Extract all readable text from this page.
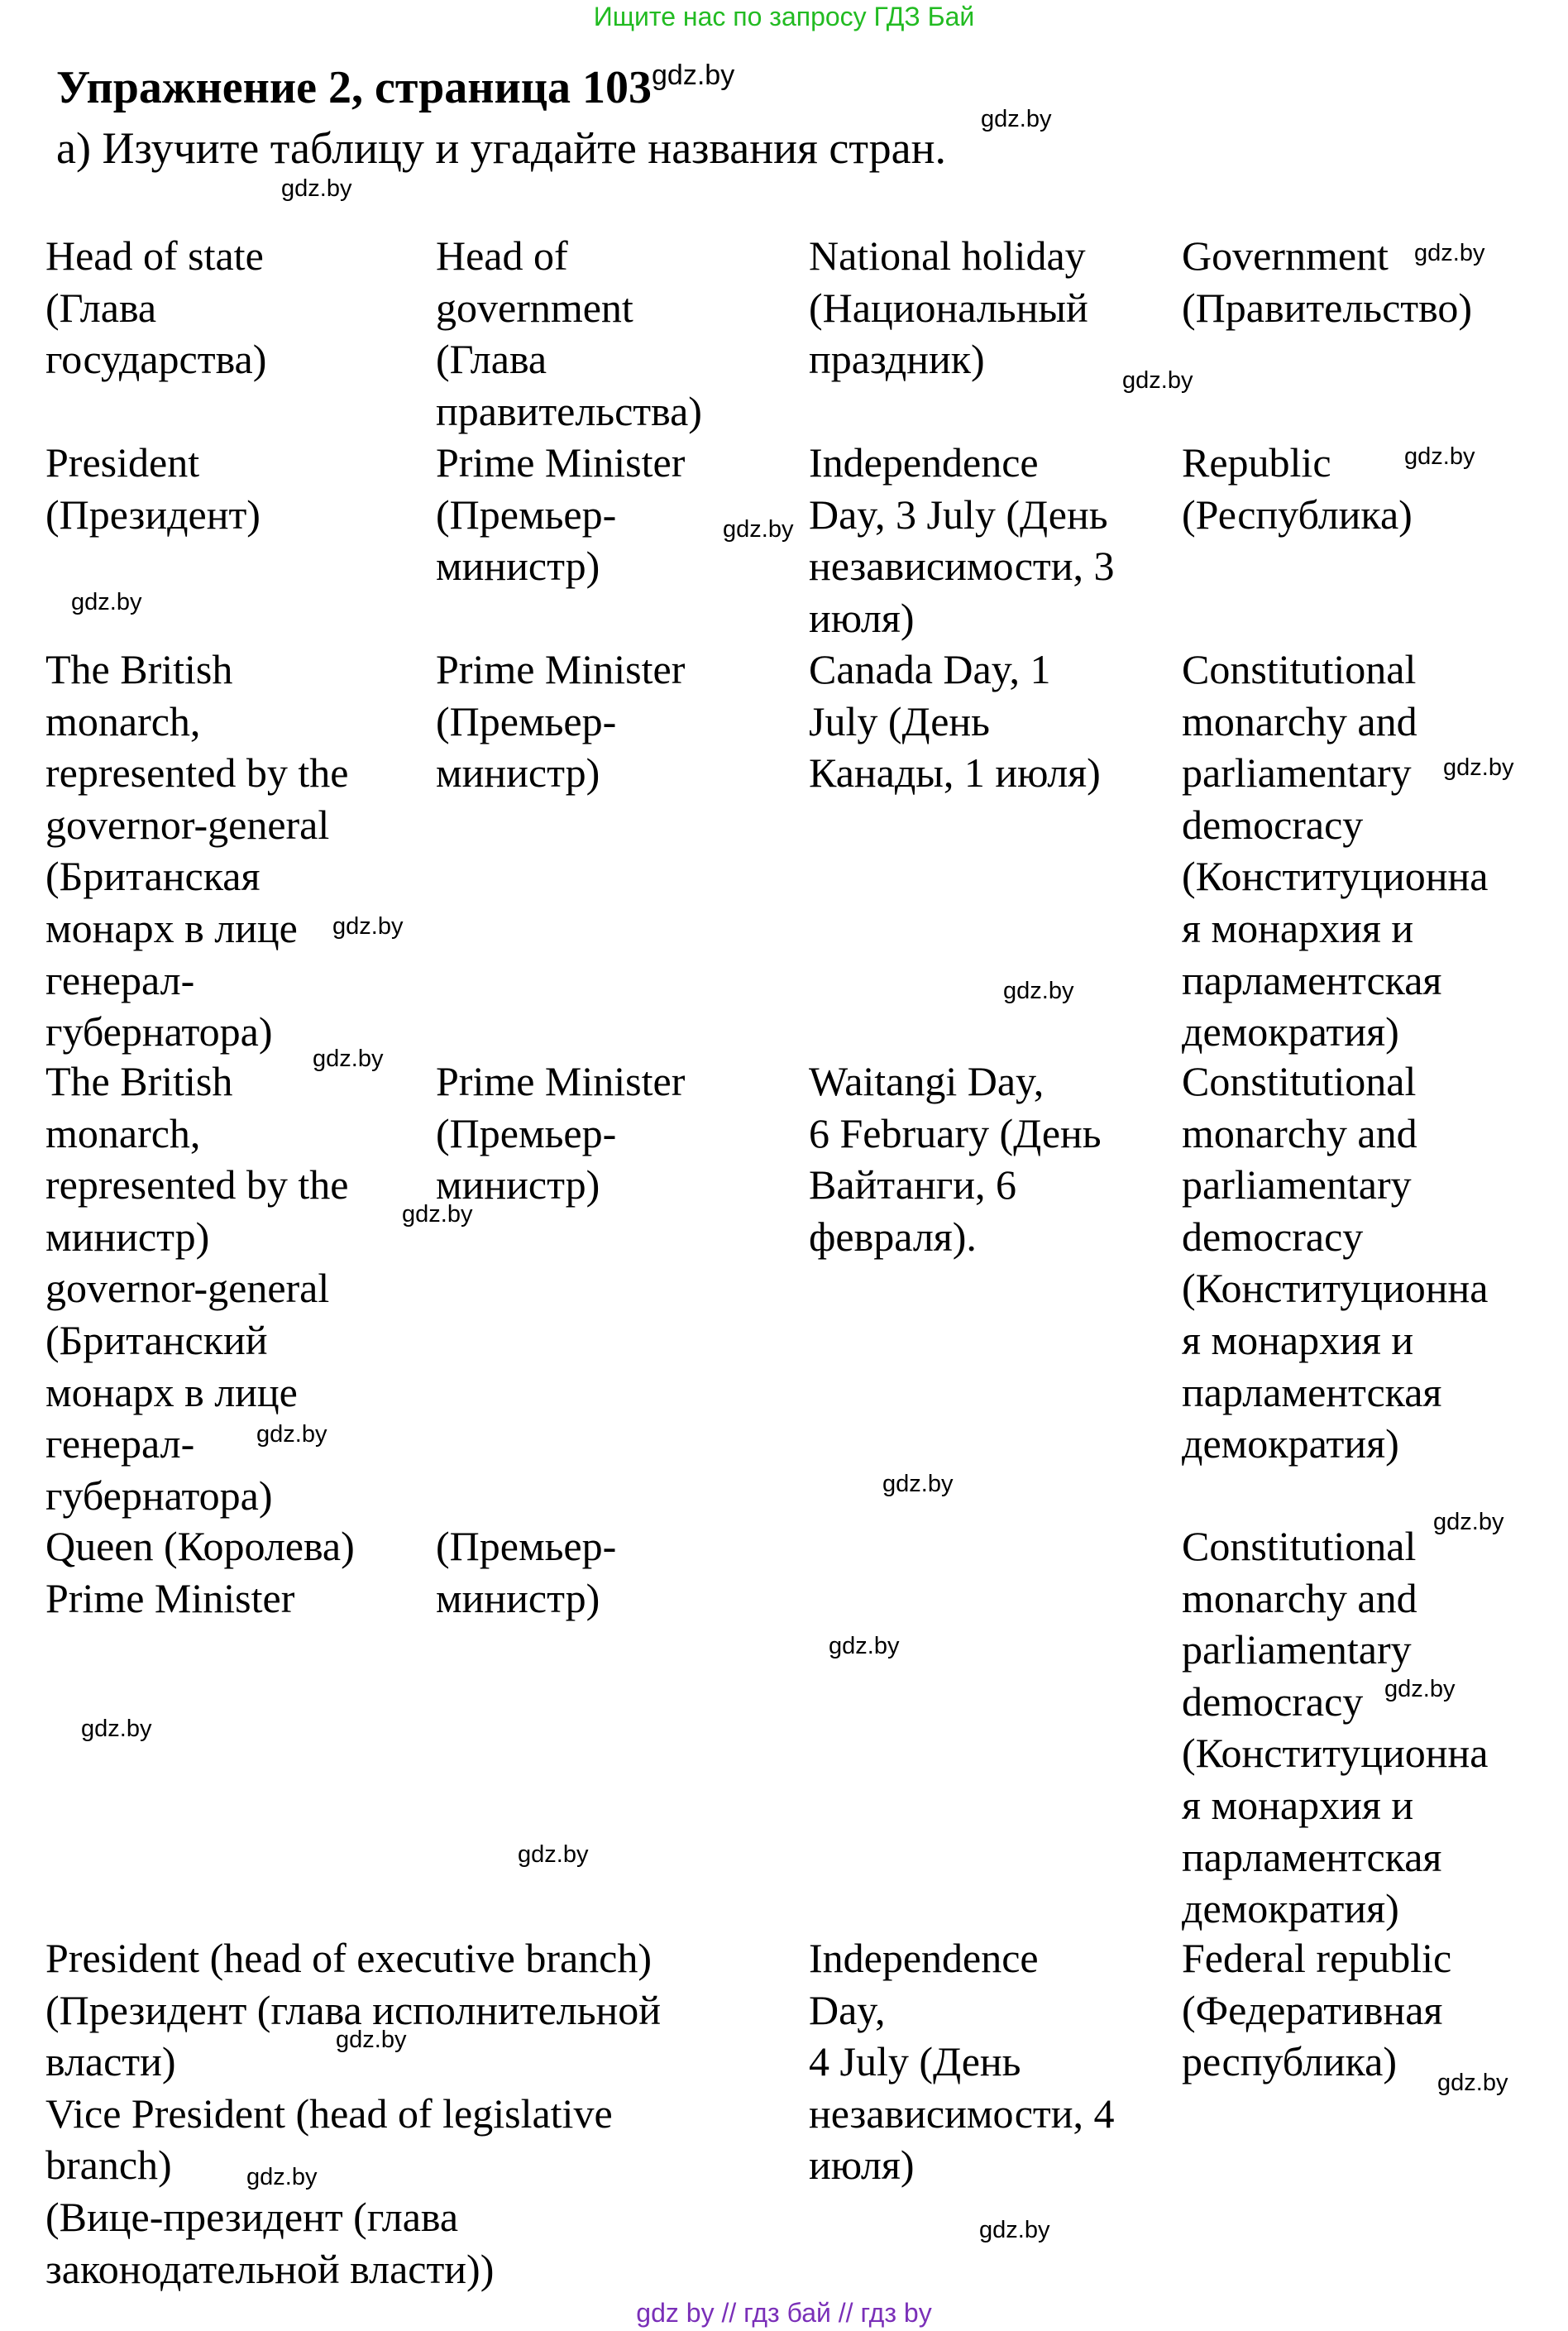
Ищите нас по запросу ГДЗ Бай
Упражнение 2, страница $103^{gdz.by}$
а) Изучите таблицу и угадайте названия стран.
Head of state
(Глава
государства)
Head of
government
(Глава
правительства)
National holiday
(Национальный
праздник)
Government
(Правительство)
President
(Президент)
Prime Minister
(Премьер-
министр)
Independence
Day, 3 July (День
независимости, 3
июля)
Republic
(Республика)
The British
monarch,
represented by the
governor-general
(Британская
монарх в лице
генерал-
губернатора)
Prime Minister
(Премьер-
министр)
Canada Day, 1
July (День
Канады, 1 июля)
Constitutional
monarchy and
parliamentary
democracy
(Конституционна
я монархия и
парламентская
демократия)
The British
monarch,
represented by the
министр)
governor-general
(Британский
монарх в лице
генерал-
губернатора)
Prime Minister
(Премьер-
министр)
Waitangi Day,
6 February (День
Вайтанги, 6
февраля).
Constitutional
monarchy and
parliamentary
democracy
(Конституционна
я монархия и
парламентская
демократия)
Queen (Королева)
Prime Minister
(Премьер-
министр)
Constitutional
monarchy and
parliamentary
democracy
(Конституционна
я монархия и
парламентская
демократия)
President (head of executive branch)
(Президент (глава исполнительной
власти)
Vice President (head of legislative
branch)
(Вице-президент (глава
законодательной власти))
Independence
Day,
4 July (День
независимости, 4
июля)
Federal republic
(Федеративная
республика)
gdz.by
gdz.by
gdz.by
gdz.by
gdz.by
gdz.by
gdz.by
gdz.by
gdz.by
gdz.by
gdz.by
gdz.by
gdz.by
gdz.by
gdz.by
gdz.by
gdz.by
gdz.by
gdz.by
gdz.by
gdz.by
gdz.by
gdz.by
gdz by // гдз бай // гдз by
